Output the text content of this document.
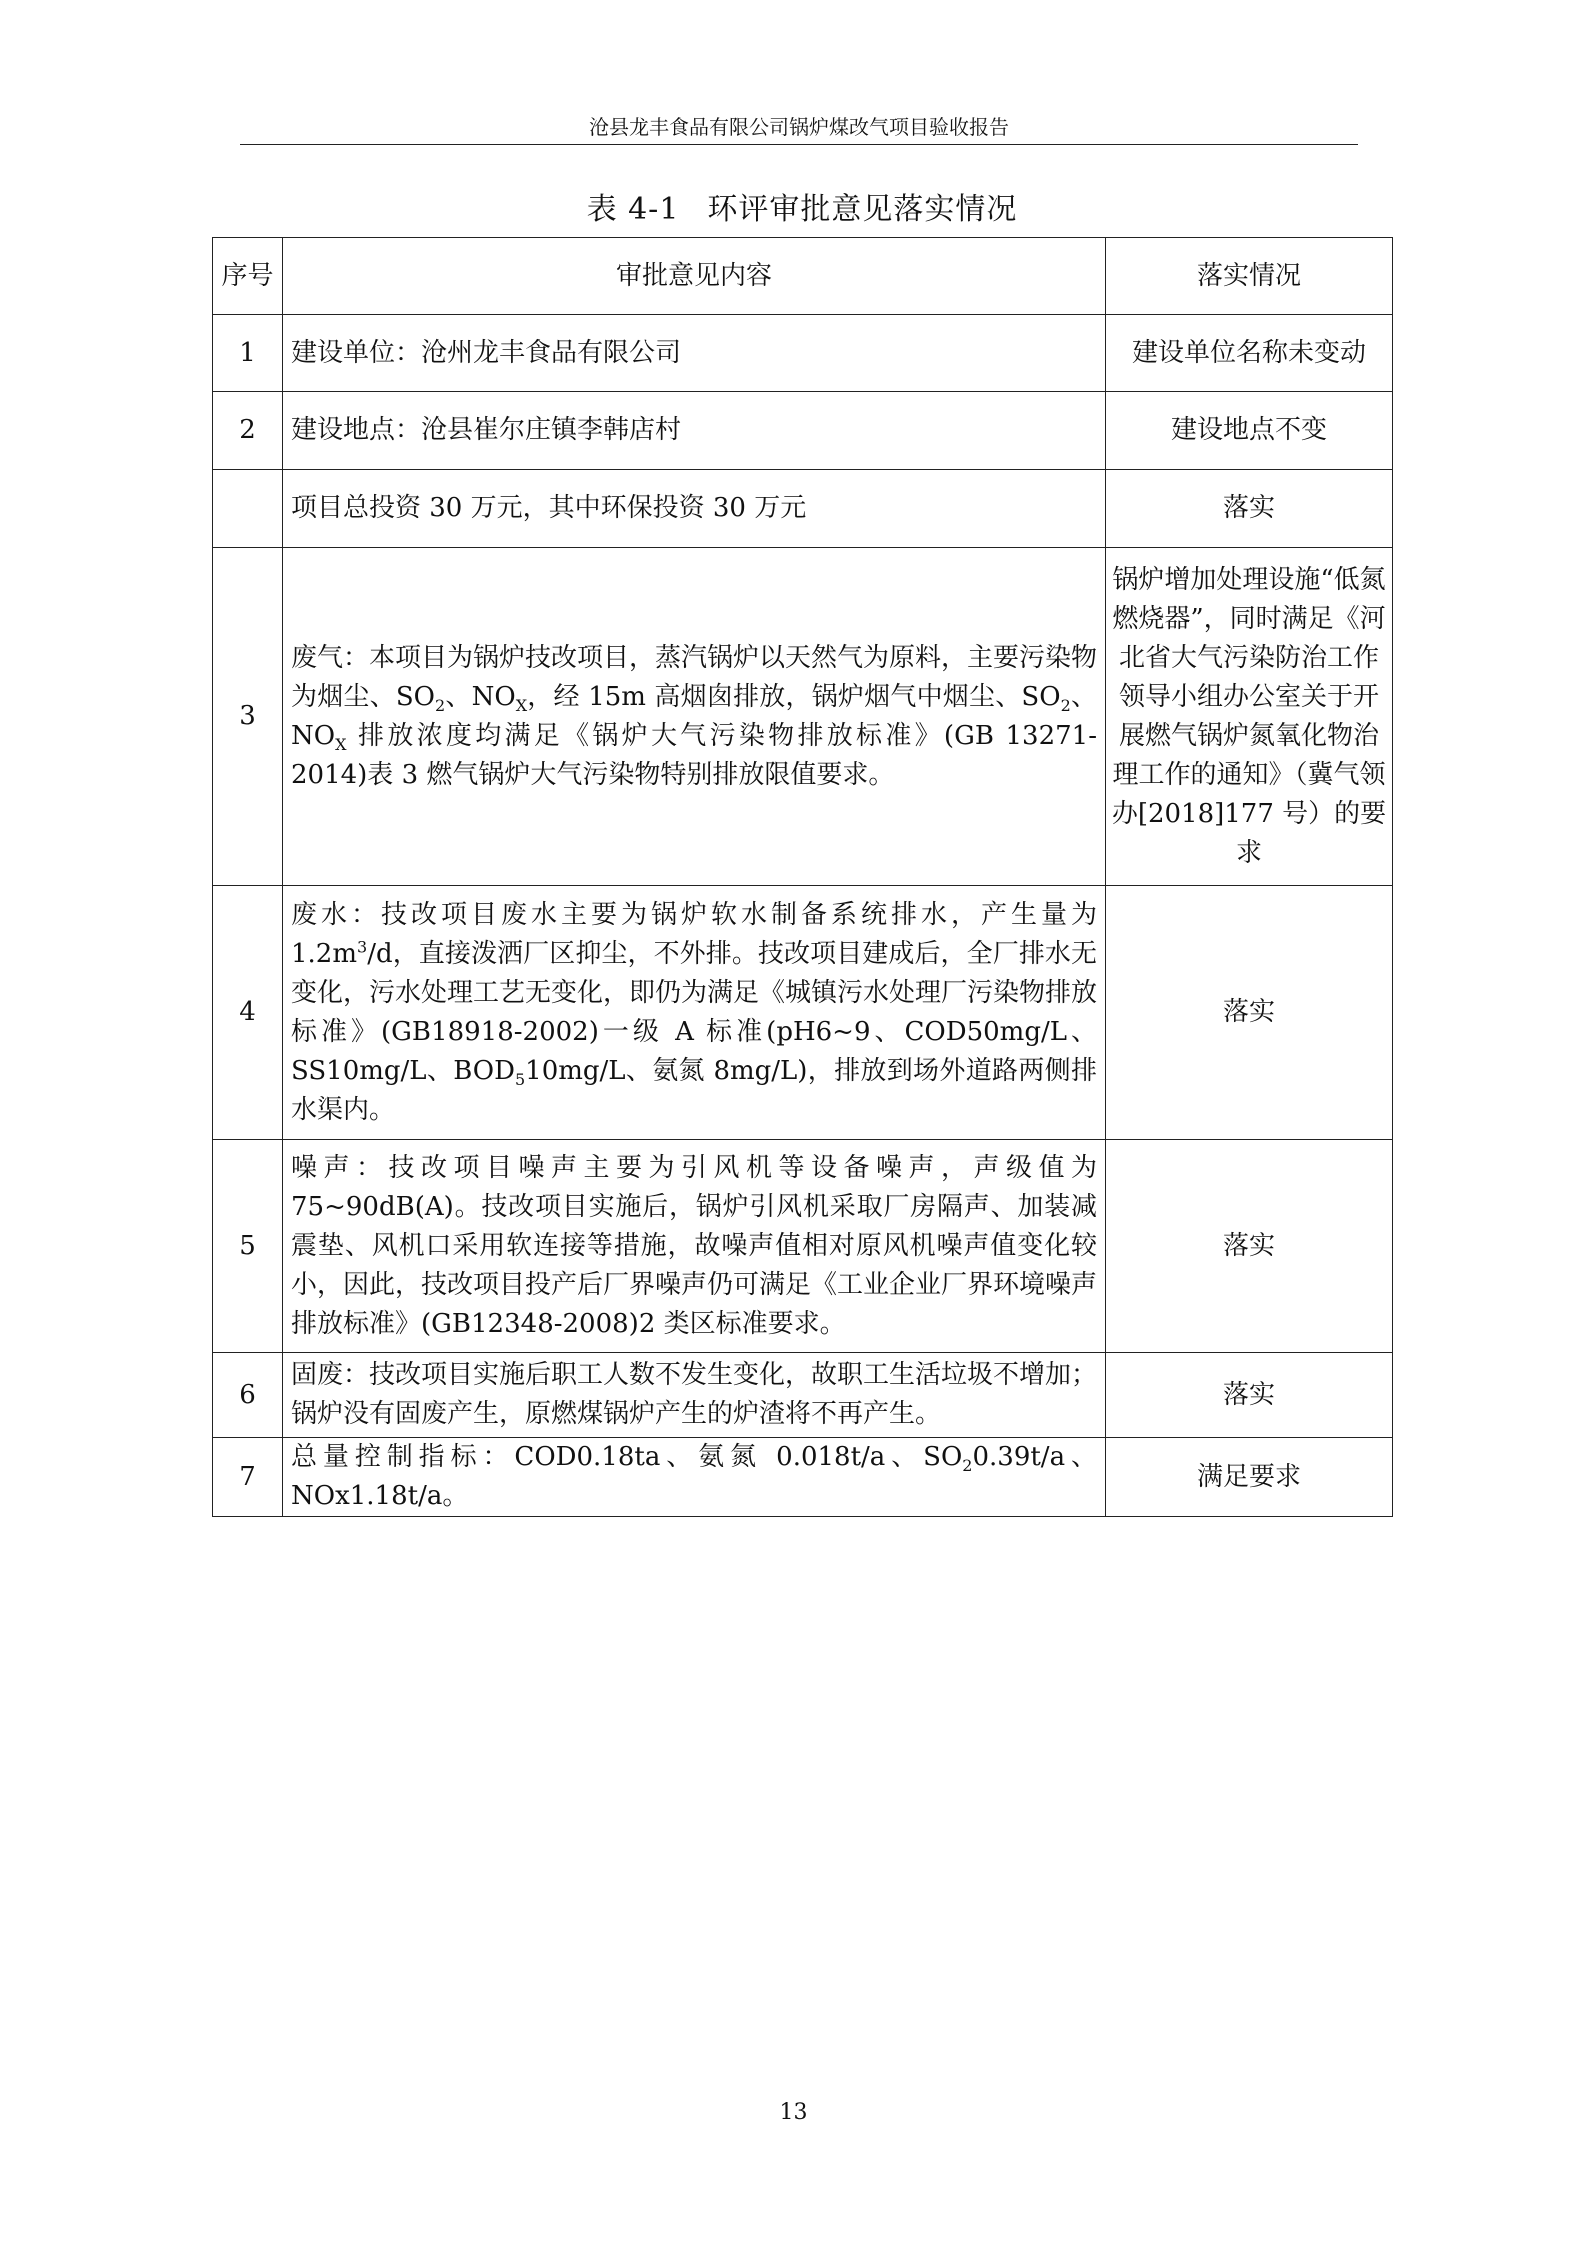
沧县龙丰食品有限公司锅炉煤改气项目验收报告
表 4-1 环评审批意见落实情况
序号	审批意见内容	落实情况
1	建设单位：沧州龙丰食品有限公司	建设单位名称未变动
2	建设地点：沧县崔尔庄镇李韩店村	建设地点不变
	项目总投资 30 万元，其中环保投资 30 万元	落实
3	废气：本项目为锅炉技改项目，蒸汽锅炉以天然气为原料，主要污染物为烟尘、$SO_2$、$NO_X$，经 15m 高烟囱排放，锅炉烟气中烟尘、$SO_2$、$NO_X$ 排放浓度均满足《锅炉大气污染物排放标准》(GB 13271-2014)表 3 燃气锅炉大气污染物特别排放限值要求。	锅炉增加处理设施“低氮燃烧器”，同时满足《河北省大气污染防治工作领导小组办公室关于开展燃气锅炉氮氧化物治理工作的通知》（冀气领办[2018]177 号）的要求
4	废水：技改项目废水主要为锅炉软水制备系统排水，产生量为 $1.2m^3/d$，直接泼洒厂区抑尘，不外排。技改项目建成后，全厂排水无变化，污水处理工艺无变化，即仍为满足《城镇污水处理厂污染物排放标准》(GB18918-2002)一级 A 标准(pH6~9、COD50mg/L、SS10mg/L、$BOD_510mg/L$、氨氮 8mg/L)，排放到场外道路两侧排水渠内。	落实
5	噪声：技改项目噪声主要为引风机等设备噪声，声级值为 75~90dB(A)。技改项目实施后，锅炉引风机采取厂房隔声、加装减震垫、风机口采用软连接等措施，故噪声值相对原风机噪声值变化较小，因此，技改项目投产后厂界噪声仍可满足《工业企业厂界环境噪声排放标准》(GB12348-2008)2 类区标准要求。	落实
6	固废：技改项目实施后职工人数不发生变化，故职工生活垃圾不增加；锅炉没有固废产生，原燃煤锅炉产生的炉渣将不再产生。	落实
7	总量控制指标：COD0.18ta、氨氮 0.018t/a、$SO_20.39t/a$、NOx1.18t/a。	满足要求
13
